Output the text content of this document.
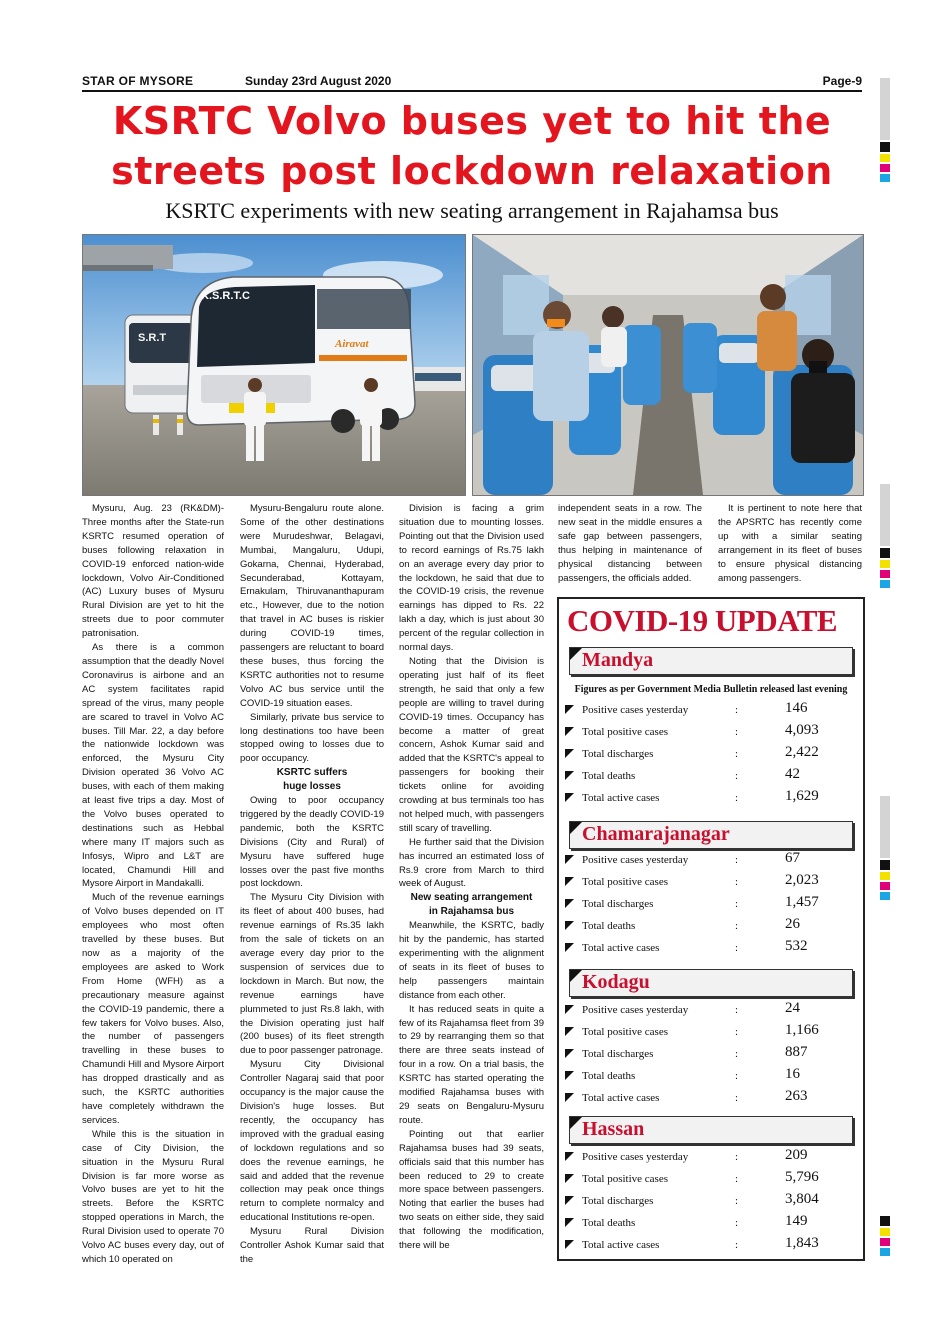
STAR OF MYSORE	Sunday 23rd August 2020	Page-9
KSRTC Volvo buses yet to hit the
streets post lockdown relaxation
KSRTC experiments with new seating arrangement in Rajahamsa bus
S.R.T
K.S.R.T.C
Airavat

Mysuru, Aug. 23 (RK&DM)- Three months after the State-run KSRTC resumed operation of buses following relaxation in COVID-19 enforced nation-wide lockdown, Volvo Air-Conditioned (AC) Luxury buses of Mysuru Rural Division are yet to hit the streets due to poor commuter patronisation.

As there is a common assumption that the deadly Novel Coronavirus is airbone and an AC system facilitates rapid spread of the virus, many people are scared to travel in Volvo AC buses. Till Mar. 22, a day before the nationwide lockdown was enforced, the Mysuru City Division operated 36 Volvo AC buses, with each of them making at least five trips a day. Most of the Volvo buses operated to destinations such as Hebbal where many IT majors such as Infosys, Wipro and L&T are located, Chamundi Hill and Mysore Airport in Mandakalli.

Much of the revenue earnings of Volvo buses depended on IT employees who most often travelled by these buses. But now as a majority of the employees are asked to Work From Home (WFH) as a precautionary measure against the COVID-19 pandemic, there a few takers for Volvo buses. Also, the number of passengers travelling in these buses to Chamundi Hill and Mysore Airport has dropped drastically and as such, the KSRTC authorities have completely withdrawn the services.

While this is the situation in case of City Division, the situation in the Mysuru Rural Division is far more worse as Volvo buses are yet to hit the streets. Before the KSRTC stopped operations in March, the Rural Division used to operate 70 Volvo AC buses every day, out of which 10 operated on

Mysuru-Bengaluru route alone. Some of the other destinations were Murudeshwar, Belagavi, Mumbai, Mangaluru, Udupi, Gokarna, Chennai, Hyderabad, Secunderabad, Kottayam, Ernakulam, Thiruvananthapuram etc., However, due to the notion that travel in AC buses is riskier during COVID-19 times, passengers are reluctant to board these buses, thus forcing the KSRTC authorities not to resume Volvo AC bus service until the COVID-19 situation eases.

Similarly, private bus service to long destinations too have been stopped owing to losses due to poor occupancy.

KSRTC suffers
huge losses

Owing to poor occupancy triggered by the deadly COVID-19 pandemic, both the KSRTC Divisions (City and Rural) of Mysuru have suffered huge losses over the past five months post lockdown.

The Mysuru City Division with its fleet of about 400 buses, had revenue earnings of Rs.35 lakh from the sale of tickets on an average every day prior to the suspension of services due to lockdown in March. But now, the revenue earnings have plummeted to just Rs.8 lakh, with the Division operating just half (200 buses) of its fleet strength due to poor passenger patronage.

Mysuru City Divisional Controller Nagaraj said that poor occupancy is the major cause the Division's huge losses. But recently, the occupancy has improved with the gradual easing of lockdown regulations and so does the revenue earnings, he said and added that the revenue collection may peak once things return to complete normalcy and educational Institutions re-open.

Mysuru Rural Division Controller Ashok Kumar said that the

Division is facing a grim situation due to mounting losses. Pointing out that the Division used to record earnings of Rs.75 lakh on an average every day prior to the lockdown, he said that due to the COVID-19 crisis, the revenue earnings has dipped to Rs. 22 lakh a day, which is just about 30 percent of the regular collection in normal days.

Noting that the Division is operating just half of its fleet strength, he said that only a few people are willing to travel during COVID-19 times. Occupancy has become a matter of great concern, Ashok Kumar said and added that the KSRTC's appeal to passengers for booking their tickets online for avoiding crowding at bus terminals too has not helped much, with passengers still scary of travelling.

He further said that the Division has incurred an estimated loss of Rs.9 crore from March to third week of August.

New seating arrangement
in Rajahamsa bus

Meanwhile, the KSRTC, badly hit by the pandemic, has started experimenting with the alignment of seats in its fleet of buses to help passengers maintain distance from each other.

It has reduced seats in quite a few of its Rajahamsa fleet from 39 to 29 by rearranging them so that there are three seats instead of four in a row. On a trial basis, the KSRTC has started operating the modified Rajahamsa buses with 29 seats on Bengaluru-Mysuru route.

Pointing out that earlier Rajahamsa buses had 39 seats, officials said that this number has been reduced to 29 to create more space between passengers. Noting that earlier the buses had two seats on either side, they said that following the modification, there will be

independent seats in a row. The new seat in the middle ensures a safe gap between passengers, thus helping in maintenance of physical distancing between passengers, the officials added.

It is pertinent to note here that the APSRTC has recently come up with a similar seating arrangement in its fleet of buses to ensure physical distancing among passengers.

COVID-19 UPDATE
Mandya
Figures as per Government Media Bulletin released last evening
Chamarajanagar
Kodagu
Hassan
Positive cases yesterday	:	146
Total positive cases	:	4,093
Total discharges	:	2,422
Total deaths	:	42
Total active cases	:	1,629
Positive cases yesterday	:	67
Total positive cases	:	2,023
Total discharges	:	1,457
Total deaths	:	26
Total active cases	:	532
Positive cases yesterday	:	24
Total positive cases	:	1,166
Total discharges	:	887
Total deaths	:	16
Total active cases	:	263
Positive cases yesterday	:	209
Total positive cases	:	5,796
Total discharges	:	3,804
Total deaths	:	149
Total active cases	:	1,843
